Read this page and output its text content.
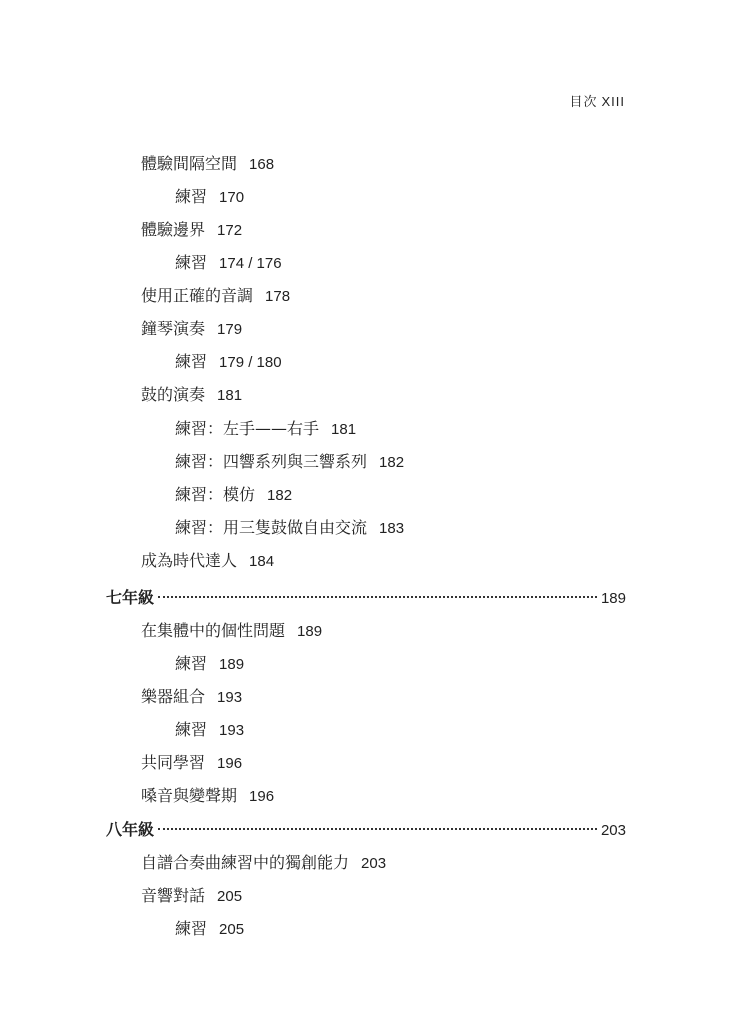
目次 XIII
體驗間隔空間 168
練習 170
體驗邊界 172
練習 174 / 176
使用正確的音調 178
鐘琴演奏 179
練習 179 / 180
鼓的演奏 181
練習：左手——右手 181
練習：四響系列與三響系列 182
練習：模仿 182
練習：用三隻鼓做自由交流 183
成為時代達人 184
七年級	189
在集體中的個性問題 189
練習 189
樂器組合 193
練習 193
共同學習 196
嗓音與變聲期 196
八年級	203
自譜合奏曲練習中的獨創能力 203
音響對話 205
練習 205
